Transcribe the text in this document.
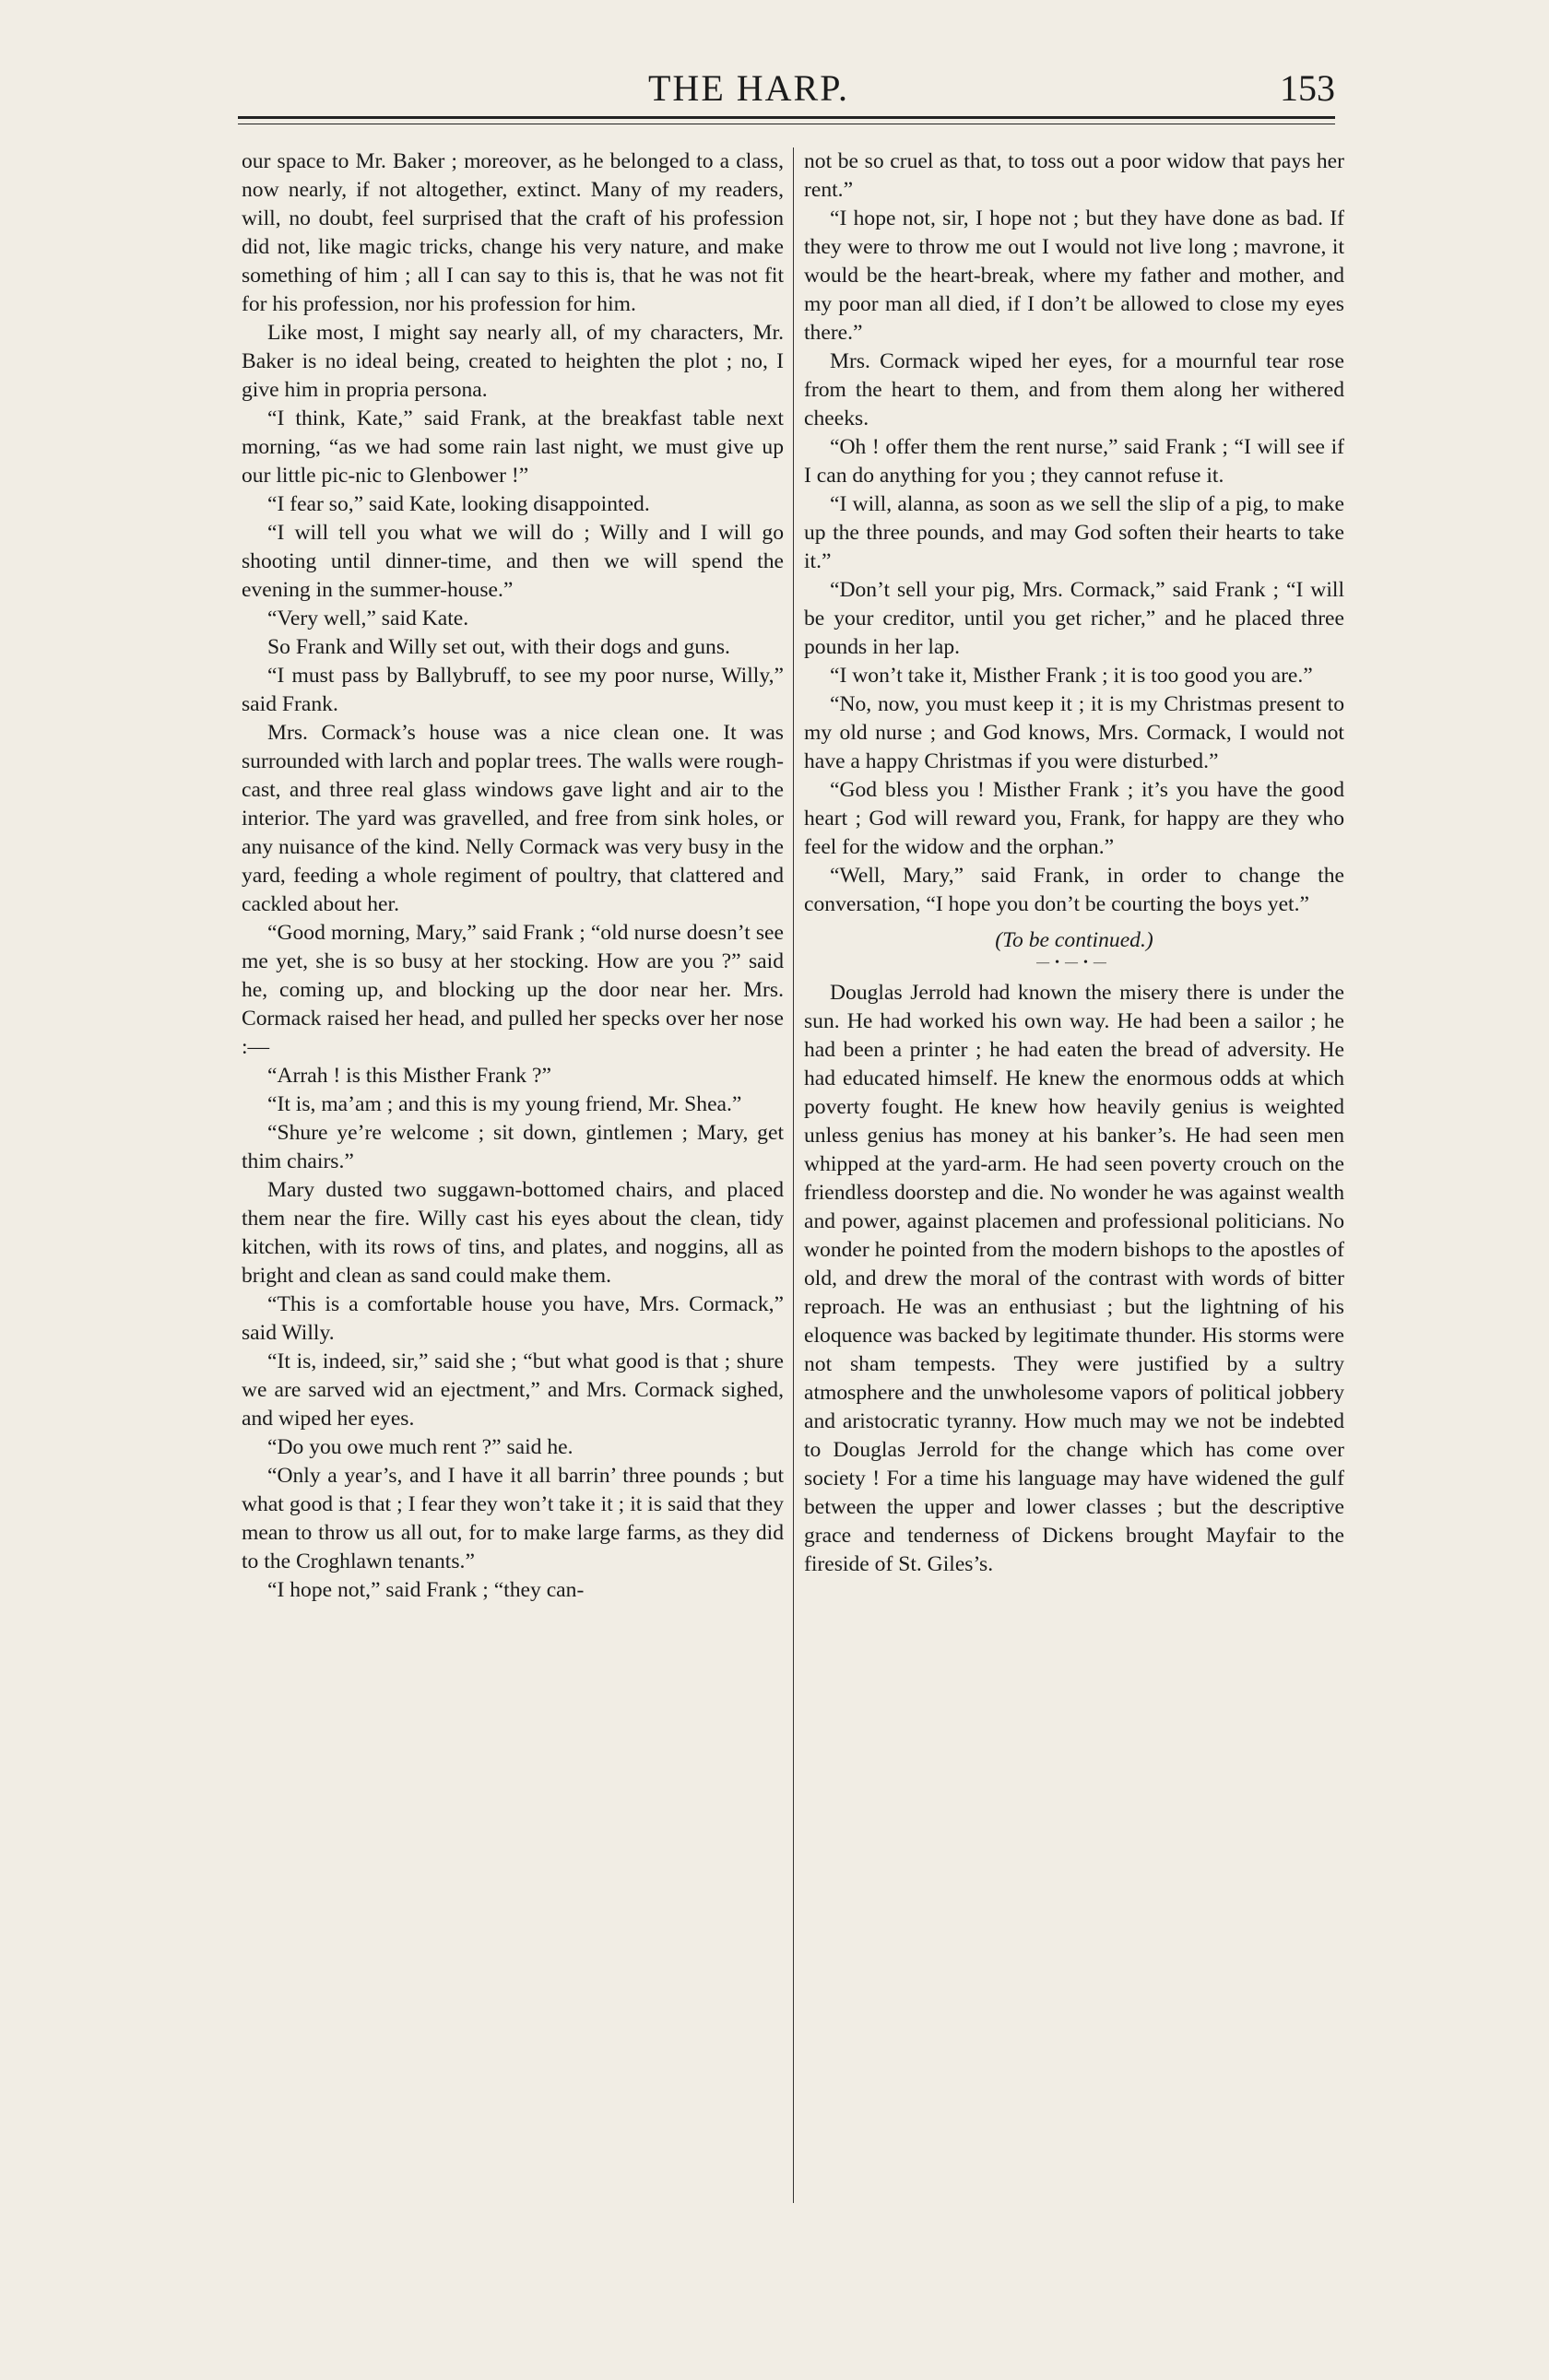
THE HARP.	153

our space to Mr. Baker ; moreover, as he belonged to a class, now nearly, if not altogether, extinct. Many of my readers, will, no doubt, feel surprised that the craft of his profession did not, like magic tricks, change his very nature, and make something of him ; all I can say to this is, that he was not fit for his profession, nor his profession for him.

Like most, I might say nearly all, of my characters, Mr. Baker is no ideal being, created to heighten the plot ; no, I give him in propria persona.

“I think, Kate,” said Frank, at the breakfast table next morning, “as we had some rain last night, we must give up our little pic-nic to Glenbower !”

“I fear so,” said Kate, looking disappointed.

“I will tell you what we will do ; Willy and I will go shooting until dinner-time, and then we will spend the evening in the summer-house.”

“Very well,” said Kate.

So Frank and Willy set out, with their dogs and guns.

“I must pass by Ballybruff, to see my poor nurse, Willy,” said Frank.

Mrs. Cormack’s house was a nice clean one. It was surrounded with larch and poplar trees. The walls were rough-cast, and three real glass windows gave light and air to the interior. The yard was gravelled, and free from sink holes, or any nuisance of the kind. Nelly Cormack was very busy in the yard, feeding a whole regiment of poultry, that clattered and cackled about her.

“Good morning, Mary,” said Frank ; “old nurse doesn’t see me yet, she is so busy at her stocking. How are you ?” said he, coming up, and blocking up the door near her. Mrs. Cormack raised her head, and pulled her specks over her nose :—

“Arrah ! is this Misther Frank ?”

“It is, ma’am ; and this is my young friend, Mr. Shea.”

“Shure ye’re welcome ; sit down, gintlemen ; Mary, get thim chairs.”

Mary dusted two suggawn-bottomed chairs, and placed them near the fire. Willy cast his eyes about the clean, tidy kitchen, with its rows of tins, and plates, and noggins, all as bright and clean as sand could make them.

“This is a comfortable house you have, Mrs. Cormack,” said Willy.

“It is, indeed, sir,” said she ; “but what good is that ; shure we are sarved wid an ejectment,” and Mrs. Cormack sighed, and wiped her eyes.

“Do you owe much rent ?” said he.

“Only a year’s, and I have it all barrin’ three pounds ; but what good is that ; I fear they won’t take it ; it is said that they mean to throw us all out, for to make large farms, as they did to the Croghlawn tenants.”

“I hope not,” said Frank ; “they can-

not be so cruel as that, to toss out a poor widow that pays her rent.”

“I hope not, sir, I hope not ; but they have done as bad. If they were to throw me out I would not live long ; mavrone, it would be the heart-break, where my father and mother, and my poor man all died, if I don’t be allowed to close my eyes there.”

Mrs. Cormack wiped her eyes, for a mournful tear rose from the heart to them, and from them along her withered cheeks.

“Oh ! offer them the rent nurse,” said Frank ; “I will see if I can do anything for you ; they cannot refuse it.

“I will, alanna, as soon as we sell the slip of a pig, to make up the three pounds, and may God soften their hearts to take it.”

“Don’t sell your pig, Mrs. Cormack,” said Frank ; “I will be your creditor, until you get richer,” and he placed three pounds in her lap.

“I won’t take it, Misther Frank ; it is too good you are.”

“No, now, you must keep it ; it is my Christmas present to my old nurse ; and God knows, Mrs. Cormack, I would not have a happy Christmas if you were disturbed.”

“God bless you ! Misther Frank ; it’s you have the good heart ; God will reward you, Frank, for happy are they who feel for the widow and the orphan.”

“Well, Mary,” said Frank, in order to change the conversation, “I hope you don’t be courting the boys yet.”

(To be continued.)

—•—•—

Douglas Jerrold had known the misery there is under the sun. He had worked his own way. He had been a sailor ; he had been a printer ; he had eaten the bread of adversity. He had educated himself. He knew the enormous odds at which poverty fought. He knew how heavily genius is weighted unless genius has money at his banker’s. He had seen men whipped at the yard-arm. He had seen poverty crouch on the friendless doorstep and die. No wonder he was against wealth and power, against placemen and professional politicians. No wonder he pointed from the modern bishops to the apostles of old, and drew the moral of the contrast with words of bitter reproach. He was an enthusiast ; but the lightning of his eloquence was backed by legitimate thunder. His storms were not sham tempests. They were justified by a sultry atmosphere and the unwholesome vapors of political jobbery and aristocratic tyranny. How much may we not be indebted to Douglas Jerrold for the change which has come over society ! For a time his language may have widened the gulf between the upper and lower classes ; but the descriptive grace and tenderness of Dickens brought Mayfair to the fireside of St. Giles’s.
